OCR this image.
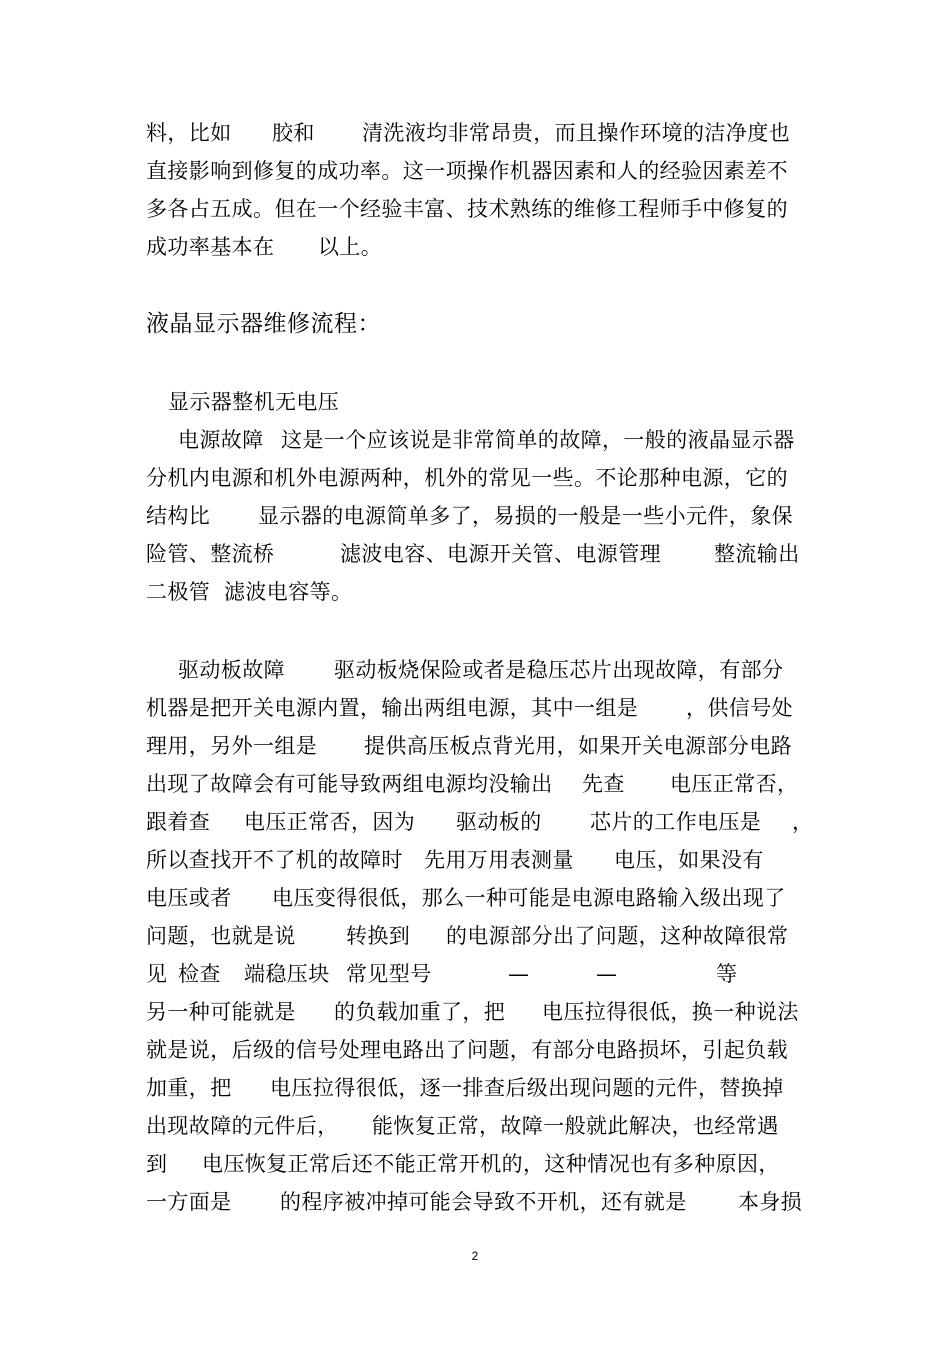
料，比如

胶和

清洗液均非常昂贵，而且操作环境的洁净度也

直接影响到修复的成功率。这一项操作机器因素和人的经验因素差不

多各占五成。但在一个经验丰富、技术熟练的维修工程师手中修复的

成功率基本在

以上。

液晶显示器维修流程：

显示器整机无电压

电源故障

这是一个应该说是非常简单的故障，一般的液晶显示器

分机内电源和机外电源两种，机外的常见一些。不论那种电源，它的

结构比

显示器的电源简单多了，易损的一般是一些小元件，象保

险管、整流桥

	滤波电容、电源开关管、电源管理

	整流输出

二极管

滤波电容等。

驱动板故障

驱动板烧保险或者是稳压芯片出现故障，有部分

机器是把开关电源内置，输出两组电源，其中一组是

，供信号处

理用，另外一组是

提供高压板点背光用，如果开关电源部分电路

出现了故障会有可能导致两组电源均没输出

先查

电压正常否，

跟着查

电压正常否，因为

驱动板的

芯片的工作电压是

，

所以查找开不了机的故障时

先用万用表测量

电压，如果没有

电压或者

电压变得很低，那么一种可能是电源电路输入级出现了

问题，也就是说

转换到

的电源部分出了问题，这种故障很常

见

检查

端稳压块

常见型号

	—

	—

	等

另一种可能就是

的负载加重了，把

电压拉得很低，换一种说法

就是说，后级的信号处理电路出了问题，有部分电路损坏，引起负载

加重，把

电压拉得很低，逐一排查后级出现问题的元件，替换掉

出现故障的元件后，

能恢复正常，故障一般就此解决，也经常遇

到

电压恢复正常后还不能正常开机的，这种情况也有多种原因，

一方面是

的程序被冲掉可能会导致不开机，还有就是

本身损

2
